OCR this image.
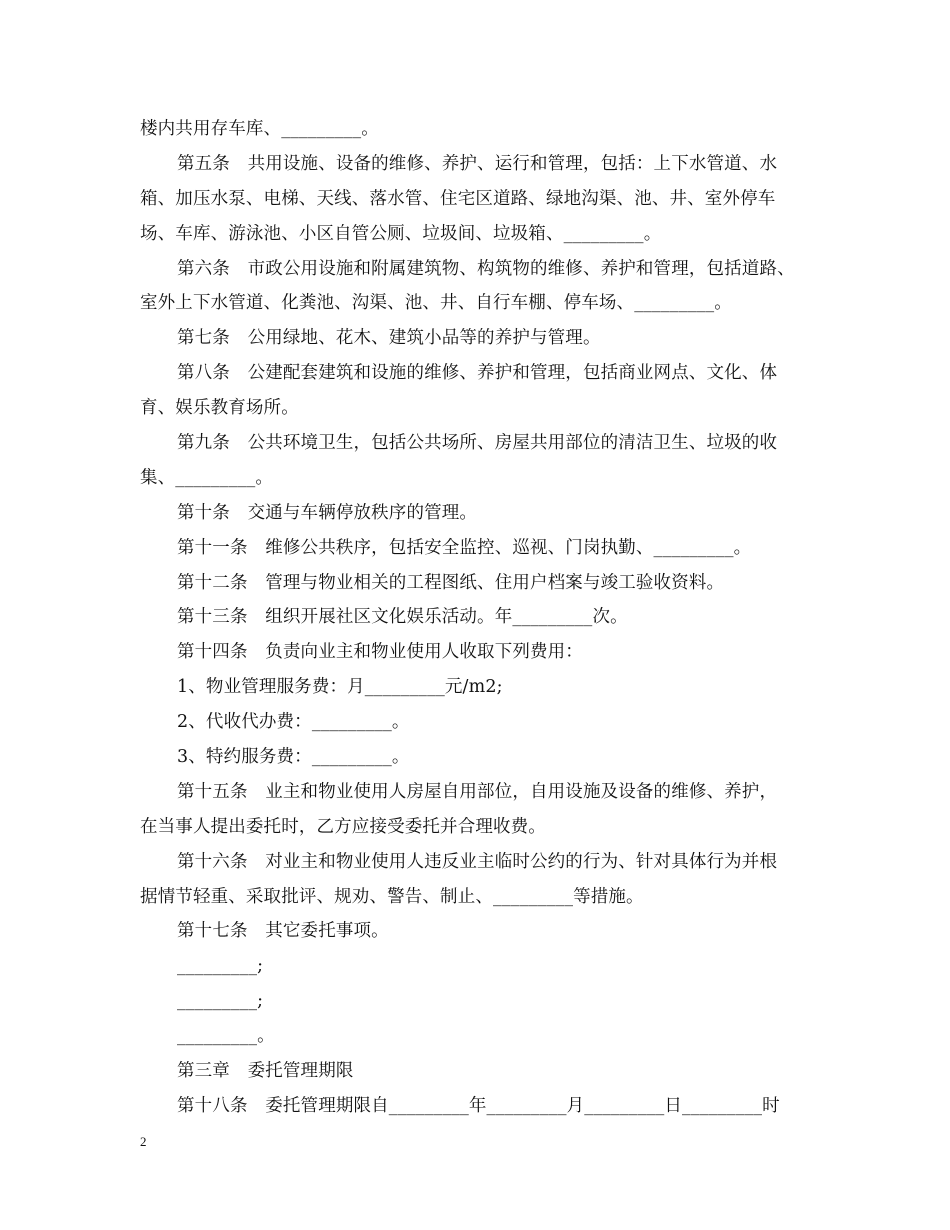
楼内共用存车库、_________。
第五条　共用设施、设备的维修、养护、运行和管理，包括：上下水管道、水
箱、加压水泵、电梯、天线、落水管、住宅区道路、绿地沟渠、池、井、室外停车
场、车库、游泳池、小区自管公厕、垃圾间、垃圾箱、_________。
第六条　市政公用设施和附属建筑物、构筑物的维修、养护和管理，包括道路、
室外上下水管道、化粪池、沟渠、池、井、自行车棚、停车场、_________。
第七条　公用绿地、花木、建筑小品等的养护与管理。
第八条　公建配套建筑和设施的维修、养护和管理，包括商业网点、文化、体
育、娱乐教育场所。
第九条　公共环境卫生，包括公共场所、房屋共用部位的清洁卫生、垃圾的收
集、_________。
第十条　交通与车辆停放秩序的管理。
第十一条　维修公共秩序，包括安全监控、巡视、门岗执勤、_________。
第十二条　管理与物业相关的工程图纸、住用户档案与竣工验收资料。
第十三条　组织开展社区文化娱乐活动。年_________次。
第十四条　负责向业主和物业使用人收取下列费用：
1、物业管理服务费：月_________元/m2;
2、代收代办费：_________。
3、特约服务费：_________。
第十五条　业主和物业使用人房屋自用部位，自用设施及设备的维修、养护，
在当事人提出委托时，乙方应接受委托并合理收费。
第十六条　对业主和物业使用人违反业主临时公约的行为、针对具体行为并根
据情节轻重、采取批评、规劝、警告、制止、_________等措施。
第十七条　其它委托事项。
_________;
_________;
_________。
第三章　委托管理期限
第十八条　委托管理期限自_________年_________月_________日_________时
2
